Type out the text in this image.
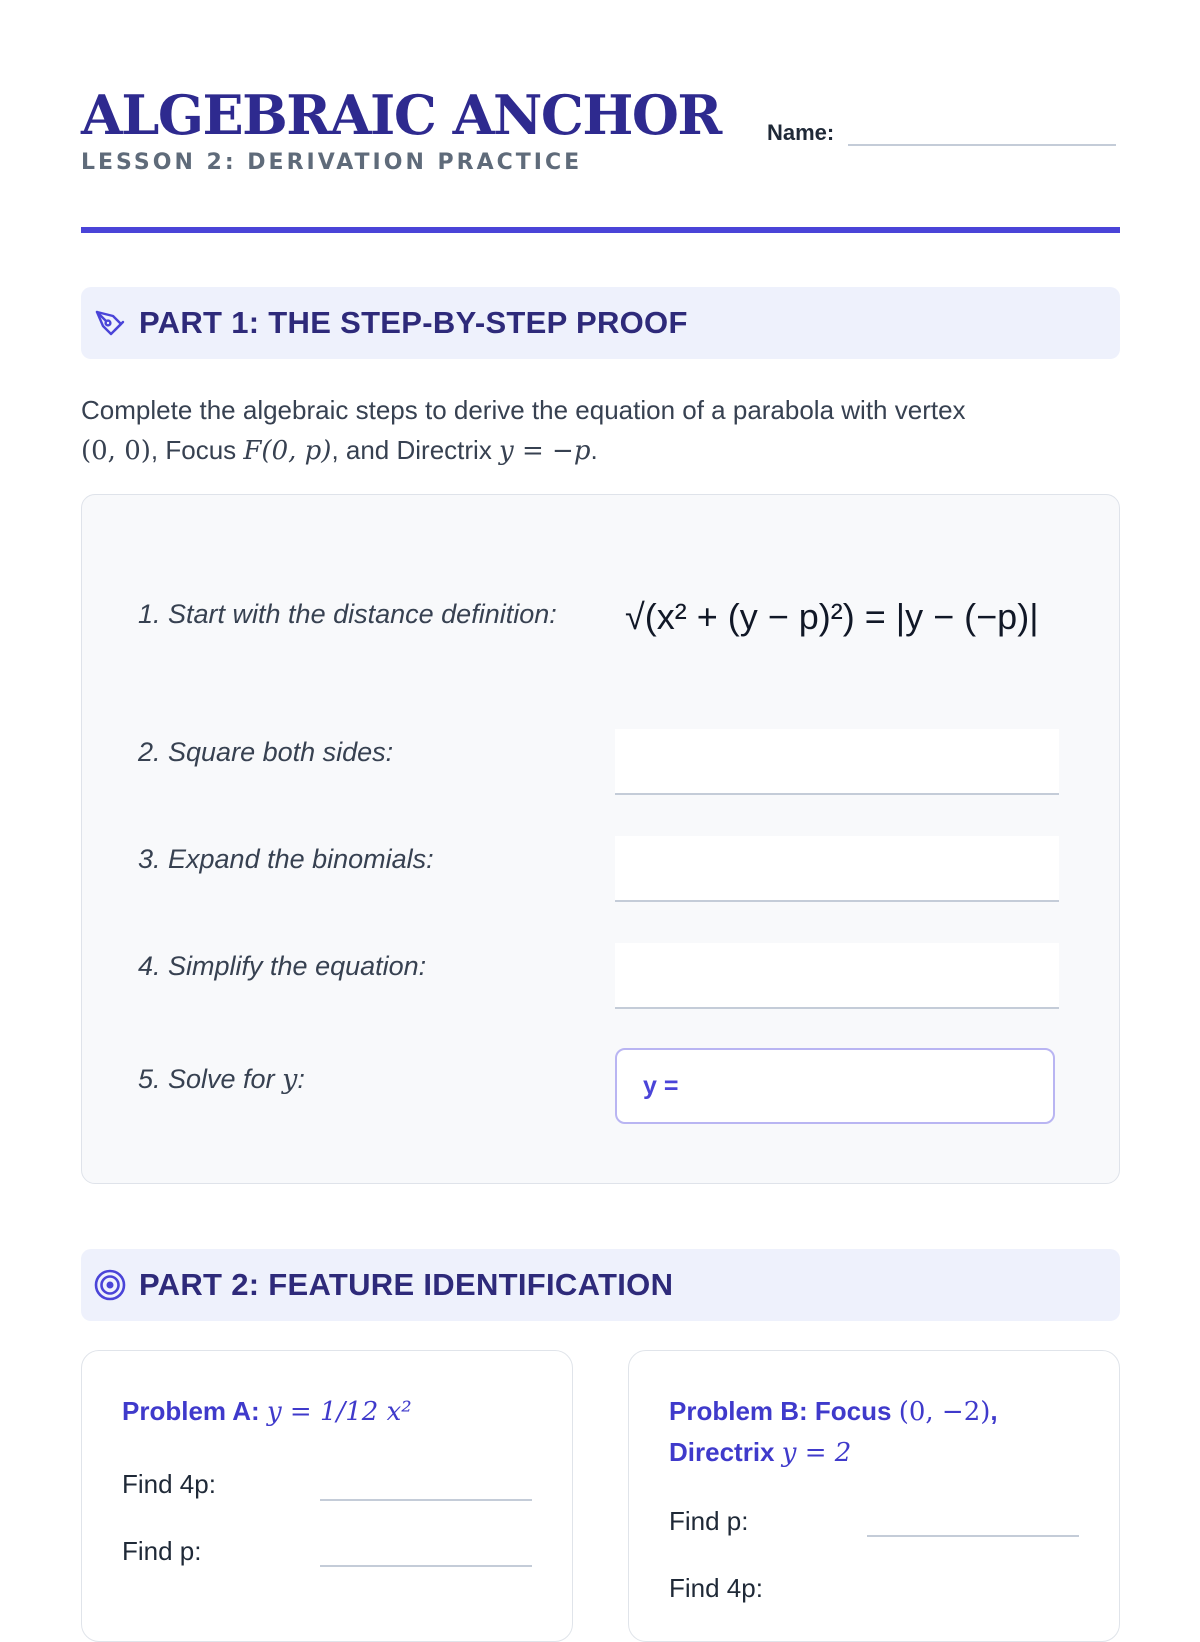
ALGEBRAIC ANCHOR
LESSON 2: DERIVATION PRACTICE
Name:
PART 1: THE STEP-BY-STEP PROOF
Complete the algebraic steps to derive the equation of a parabola with vertex
(0, 0), Focus F(0, p), and Directrix y = −p.
1. Start with the distance definition: √(x² + (y − p)²) = |y − (−p)|
2. Square both sides:
3. Expand the binomials:
4. Simplify the equation:
5. Solve for y:	y =
PART 2: FEATURE IDENTIFICATION
Problem A: y = 1/12 x²
Find 4p:
Find p:
Problem B: Focus (0, −2),
Directrix y = 2
Find p:
Find 4p:
